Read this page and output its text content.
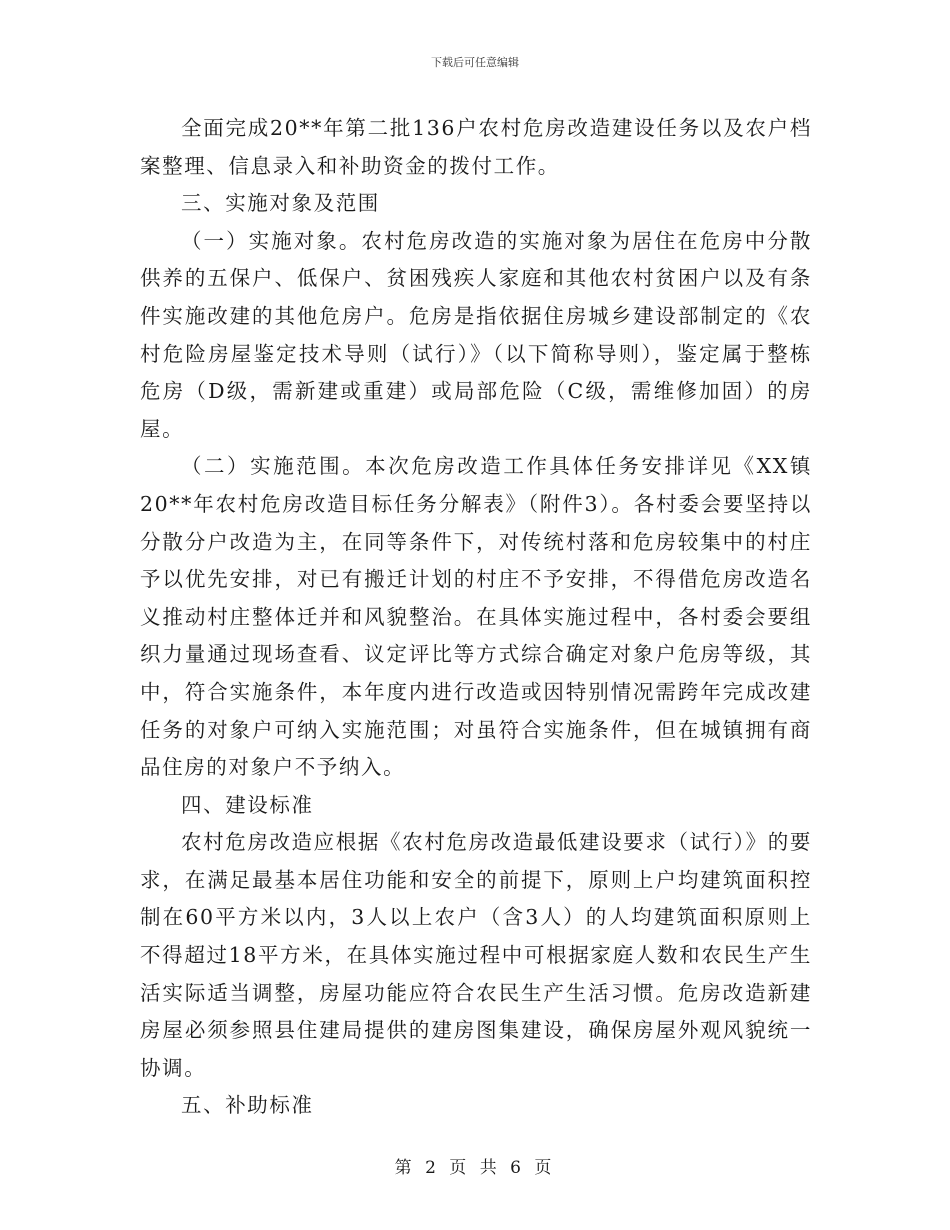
下载后可任意编辑

全面完成20**年第二批136户农村危房改造建设任务以及农户档案整理、信息录入和补助资金的拨付工作。

三、实施对象及范围

（一）实施对象。农村危房改造的实施对象为居住在危房中分散供养的五保户、低保户、贫困残疾人家庭和其他农村贫困户以及有条件实施改建的其他危房户。危房是指依据住房城乡建设部制定的《农村危险房屋鉴定技术导则（试行）》（以下简称导则），鉴定属于整栋危房（D级，需新建或重建）或局部危险（C级，需维修加固）的房屋。

（二）实施范围。本次危房改造工作具体任务安排详见《XX镇20**年农村危房改造目标任务分解表》（附件3）。各村委会要坚持以分散分户改造为主，在同等条件下，对传统村落和危房较集中的村庄予以优先安排，对已有搬迁计划的村庄不予安排，不得借危房改造名义推动村庄整体迁并和风貌整治。在具体实施过程中，各村委会要组织力量通过现场查看、议定评比等方式综合确定对象户危房等级，其中，符合实施条件，本年度内进行改造或因特别情况需跨年完成改建任务的对象户可纳入实施范围；对虽符合实施条件，但在城镇拥有商品住房的对象户不予纳入。

四、建设标准

农村危房改造应根据《农村危房改造最低建设要求（试行）》的要求，在满足最基本居住功能和安全的前提下，原则上户均建筑面积控制在60平方米以内，3人以上农户（含3人）的人均建筑面积原则上不得超过18平方米，在具体实施过程中可根据家庭人数和农民生产生活实际适当调整，房屋功能应符合农民生产生活习惯。危房改造新建房屋必须参照县住建局提供的建房图集建设，确保房屋外观风貌统一协调。

五、补助标准

第 2 页 共 6 页
